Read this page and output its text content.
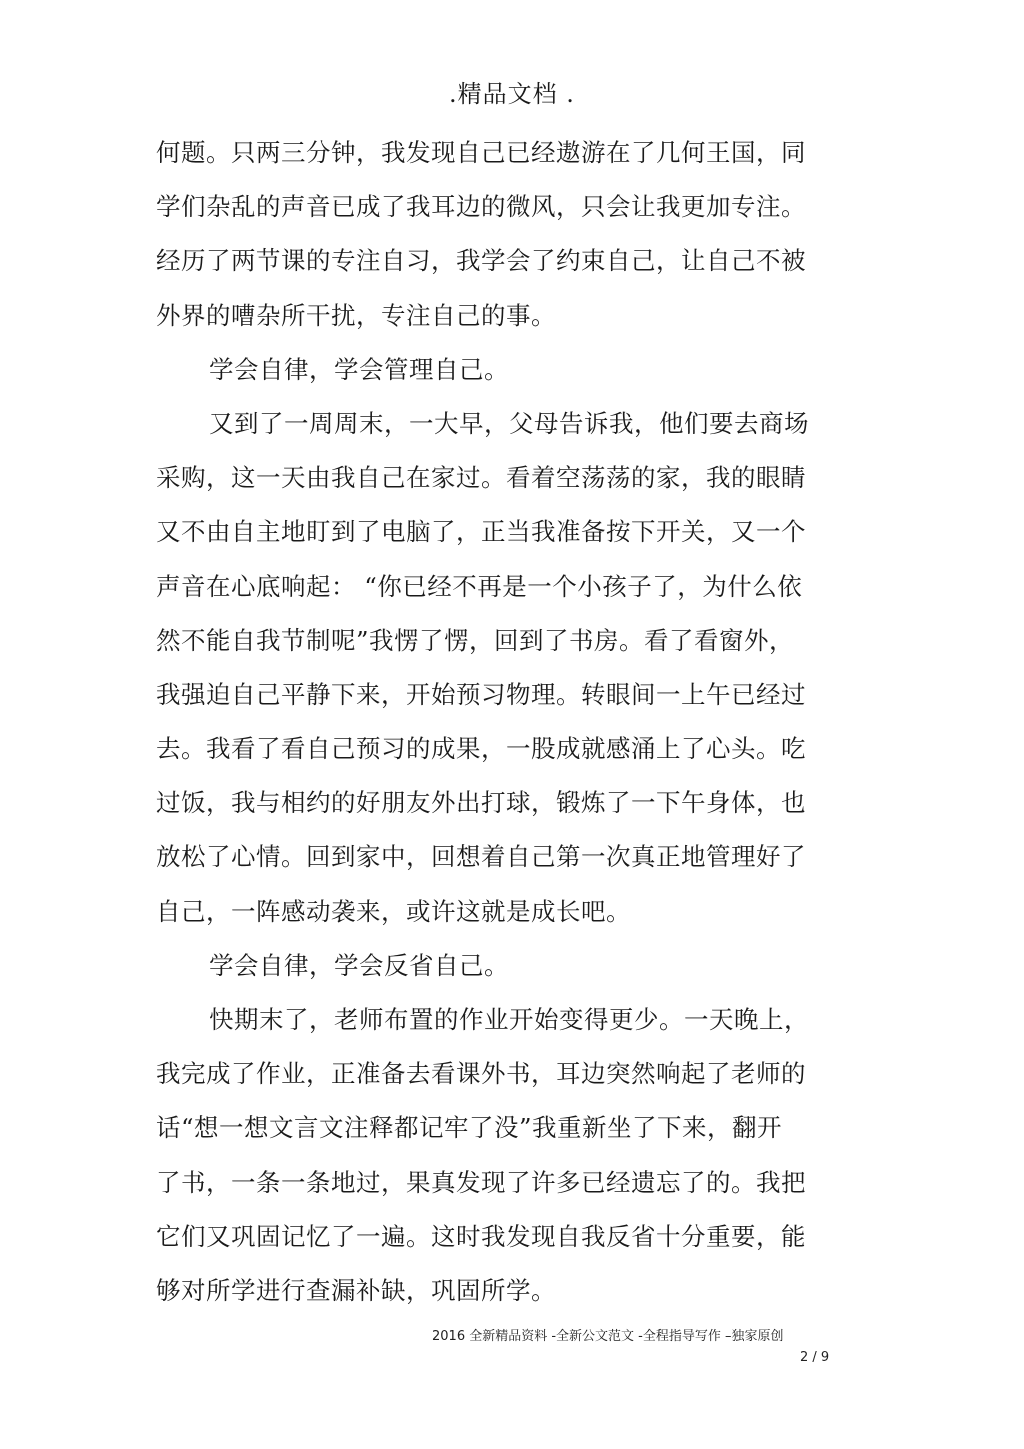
.精品文档 .
何题。只两三分钟，我发现自己已经遨游在了几何王国，同
学们杂乱的声音已成了我耳边的微风，只会让我更加专注。
经历了两节课的专注自习，我学会了约束自己，让自己不被
外界的嘈杂所干扰，专注自己的事。
学会自律，学会管理自己。
又到了一周周末，一大早，父母告诉我，他们要去商场
采购，这一天由我自己在家过。看着空荡荡的家，我的眼睛
又不由自主地盯到了电脑了，正当我准备按下开关，又一个
声音在心底响起： “你已经不再是一个小孩子了，为什么依
然不能自我节制呢”我愣了愣，回到了书房。看了看窗外，
我强迫自己平静下来，开始预习物理。转眼间一上午已经过
去。我看了看自己预习的成果，一股成就感涌上了心头。吃
过饭，我与相约的好朋友外出打球，锻炼了一下午身体，也
放松了心情。回到家中，回想着自己第一次真正地管理好了
自己，一阵感动袭来，或许这就是成长吧。
学会自律，学会反省自己。
快期末了，老师布置的作业开始变得更少。一天晚上，
我完成了作业，正准备去看课外书，耳边突然响起了老师的
话“想一想文言文注释都记牢了没”我重新坐了下来，翻开
了书，一条一条地过，果真发现了许多已经遗忘了的。我把
它们又巩固记忆了一遍。这时我发现自我反省十分重要，能
够对所学进行查漏补缺，巩固所学。
2016 全新精品资料 -全新公文范文 -全程指导写作 –独家原创
2 / 9
